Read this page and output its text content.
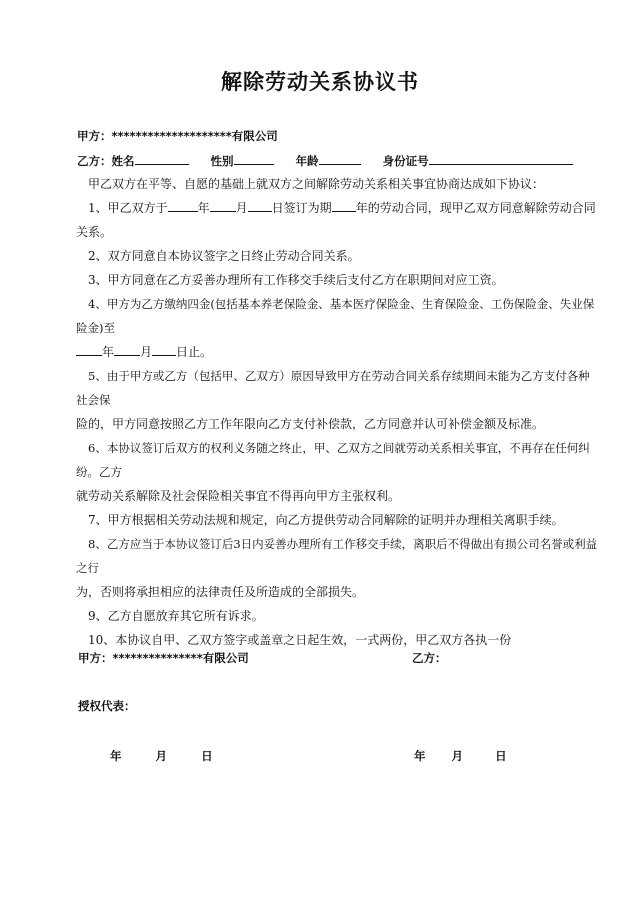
解除劳动关系协议书
甲方：********************有限公司
乙方：姓名	性别	年龄	身份证号

甲乙双方在平等、自愿的基础上就双方之间解除劳动关系相关事宜协商达成如下协议：

1、甲乙双方于	年 月 日签订为期 年的劳动合同，现甲乙双方同意解除劳动合同关系。

2、双方同意自本协议签字之日终止劳动合同关系。

3、甲方同意在乙方妥善办理所有工作移交手续后支付乙方在职期间对应工资。

4、甲方为乙方缴纳四金(包括基本养老保险金、基本医疗保险金、生育保险金、工伤保险金、失业保险金)至

年 月 日止。

5、由于甲方或乙方（包括甲、乙双方）原因导致甲方在劳动合同关系存续期间未能为乙方支付各种社会保

险的，甲方同意按照乙方工作年限向乙方支付补偿款，乙方同意并认可补偿金额及标准。

6、本协议签订后双方的权利义务随之终止，甲、乙双方之间就劳动关系相关事宜，不再存在任何纠纷。乙方

就劳动关系解除及社会保险相关事宜不得再向甲方主张权利。

7、甲方根据相关劳动法规和规定，向乙方提供劳动合同解除的证明并办理相关离职手续。

8、乙方应当于本协议签订后3日内妥善办理所有工作移交手续，离职后不得做出有损公司名誉或利益之行

为，否则将承担相应的法律责任及所造成的全部损失。

9、乙方自愿放弃其它所有诉求。

10、本协议自甲、乙双方签字或盖章之日起生效，一式两份，甲乙双方各执一份

甲方：***************有限公司	乙方：
授权代表：
年	月	日	年 月	日
